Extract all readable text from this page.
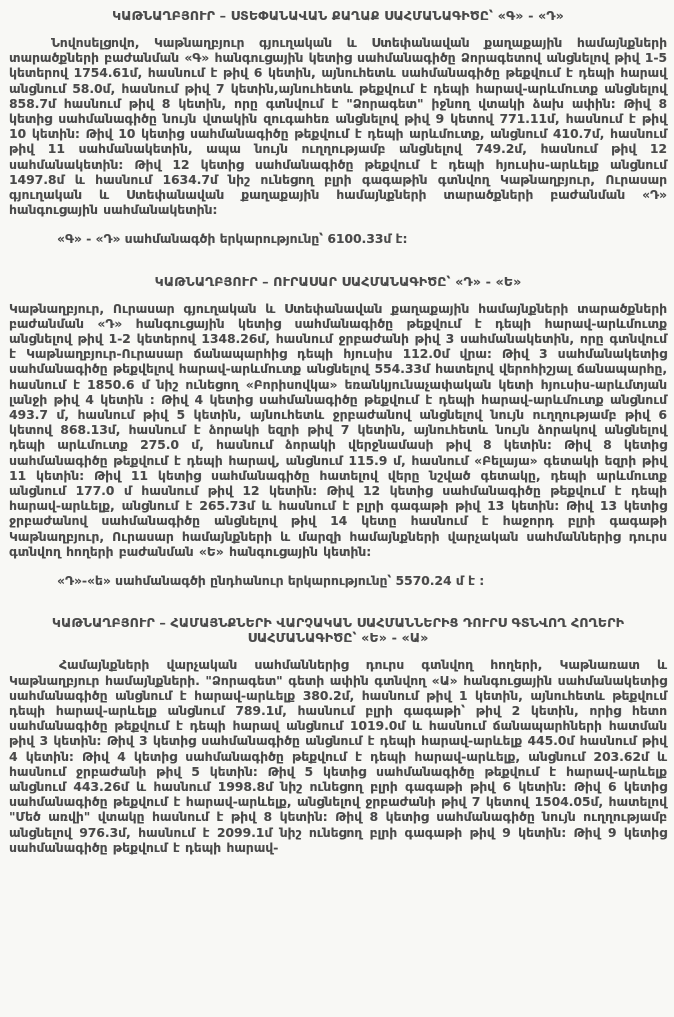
ԿԱԹՆԱՂԲՅՈՒՐ – ՍՏԵՓԱՆԱՎԱՆ ՔԱՂԱՔ ՍԱՀՄԱՆԱԳԻԾԸ՝ «Գ» - «Դ»

Նովոսելցովո, Կաթնաղբյուր գյուղական և Ստեփանավան քաղաքային համայնքների տարածքների բաժանման «Գ» հանգուցային կետից սահմանագիծը Ձորագետով անցնելով թիվ 1-5 կետերով 1754.61մ, հասնում է թիվ 6 կետին, այնուհետև սահմանագիծը թեքվում է դեպի հարավ անցնում 58.0մ, հասնում թիվ 7 կետին,այնուհետև թեքվում է դեպի հարավ-արևմուտք անցնելով 858.7մ հասնում թիվ 8 կետին, որը գտնվում է "Ձորագետ" իջնող վտակի ձախ ափին: Թիվ 8 կետից սահմանագիծը նույն վտակին զուգահեռ անցնելով թիվ 9 կետով 771.11մ, հասնում է թիվ 10 կետին: Թիվ 10 կետից սահմանագիծը թեքվում է դեպի արևմուտք, անցնում 410.7մ, հասնում թիվ 11 սահմանակետին, ապա նույն ուղղությամբ անցնելով 749.2մ, հասնում թիվ 12 սահմանակետին: Թիվ 12 կետից սահմանագիծը թեքվում է դեպի հյուսիս-արևելք անցնում 1497.8մ և հասնում 1634.7մ նիշ ունեցող բլրի գագաթին գտնվող Կաթնաղբյուր, Ուրասար գյուղական և Ստեփանավան քաղաքային համայնքների տարածքների բաժանման «Դ» հանգուցային սահմանակետին:

«Գ» - «Դ» սահմանագծի երկարությունը՝ 6100.33մ է:

ԿԱԹՆԱՂԲՅՈՒՐ – ՈՒՐԱՍԱՐ ՍԱՀՄԱՆԱԳԻԾԸ՝ «Դ» - «Ե»

Կաթնաղբյուր, Ուրասար գյուղական և Ստեփանավան քաղաքային համայնքների տարածքների բաժանման «Դ» հանգուցային կետից սահմանագիծը թեքվում է դեպի հարավ-արևմուտք անցնելով թիվ 1-2 կետերով 1348.26մ, հասնում ջրբաժանի թիվ 3 սահմանակետին, որը գտնվում է Կաթնաղբյուր-Ուրասար ճանապարհից դեպի հյուսիս 112.0մ վրա: Թիվ 3 սահմանակետից սահմանագիծը թեքվելով հարավ-արևմուտք անցնելով 554.33մ հատելով վերոհիշյալ ճանապարհը, հասնում է 1850.6 մ նիշ ունեցող «Բորիսովկա» եռանկյունաչափական կետի հյուսիս-արևմտյան լանջի թիվ 4 կետին : Թիվ 4 կետից սահմանագիծը թեքվում է դեպի հարավ-արևմուտք անցնում 493.7 մ, հասնում թիվ 5 կետին, այնուհետև ջրբաժանով անցնելով նույն ուղղությամբ թիվ 6 կետով 868.13մ, հասնում է ձորակի եզրի թիվ 7 կետին, այնուհետև նույն ձորակով անցնելով դեպի արևմուտք 275.0 մ, հասնում ձորակի վերջնամասի թիվ 8 կետին: Թիվ 8 կետից սահմանագիծը թեքվում է դեպի հարավ, անցնում 115.9 մ, հասնում «Բելայա» գետակի եզրի թիվ 11 կետին: Թիվ 11 կետից սահմանագիծը հատելով վերը նշված գետակը, դեպի արևմուտք անցնում 177.0 մ հասնում թիվ 12 կետին: Թիվ 12 կետից սահմանագիծը թեքվում է դեպի հարավ-արևելք, անցնում է 265.73մ և հասնում է բլրի գագաթի թիվ 13 կետին: Թիվ 13 կետից ջրբաժանով սահմանագիծը անցնելով թիվ 14 կետը հասնում է հաջորդ բլրի գագաթի Կաթնաղբյուր, Ուրասար համայնքների և մարզի համայնքների վարչական սահմաններից դուրս գտնվող հողերի բաժանման «Ե» հանգուցային կետին:

«Դ»-«ե» սահմանագծի ընդհանուր երկարությունը՝ 5570.24 մ է :

ԿԱԹՆԱՂԲՅՈՒՐ – ՀԱՄԱՅՆՔՆԵՐԻ ՎԱՐՉԱԿԱՆ ՍԱՀՄԱՆՆԵՐԻՑ ԴՈՒՐՍ ԳՏՆՎՈՂ ՀՈՂԵՐԻ ՍԱՀՄԱՆԱԳԻԾԸ՝ «Ե» - «Ա»

Համայնքների վարչական սահմաններից դուրս գտնվող հողերի, Կաթնառատ և Կաթնաղբյուր համայնքների. "Ձորագետ" գետի ափին գտնվող «Ա» հանգուցային սահմանակետից սահմանագիծը անցնում է հարավ-արևելք 380.2մ, հասնում թիվ 1 կետին, այնուհետև թեքվում դեպի հարավ-արևելք անցնում 789.1մ, հասնում բլրի գագաթի՝ թիվ 2 կետին, որից հետո սահմանագիծը թեքվում է դեպի հարավ անցնում 1019.0մ և հասնում ճանապարհների հատման թիվ 3 կետին: Թիվ 3 կետից սահմանագիծը անցնում է դեպի հարավ-արևելք 445.0մ հասնում թիվ 4 կետին: Թիվ 4 կետից սահմանագիծը թեքվում է դեպի հարավ-արևելք, անցնում 203.62մ և հասնում ջրբաժանի թիվ 5 կետին: Թիվ 5 կետից սահմանագիծը թեքվում է հարավ-արևելք անցնում 443.26մ և հասնում 1998.8մ նիշ ունեցող բլրի գագաթի թիվ 6 կետին: Թիվ 6 կետից սահմանագիծը թեքվում է հարավ-արևելք, անցնելով ջրբաժանի թիվ 7 կետով 1504.05մ, հատելով "Մեծ առվի" վտակը հասնում է թիվ 8 կետին: Թիվ 8 կետից սահմանագիծը նույն ուղղությամբ անցնելով 976.3մ, հասնում է 2099.1մ նիշ ունեցող բլրի գագաթի թիվ 9 կետին: Թիվ 9 կետից սահմանագիծը թեքվում է դեպի հարավ-
